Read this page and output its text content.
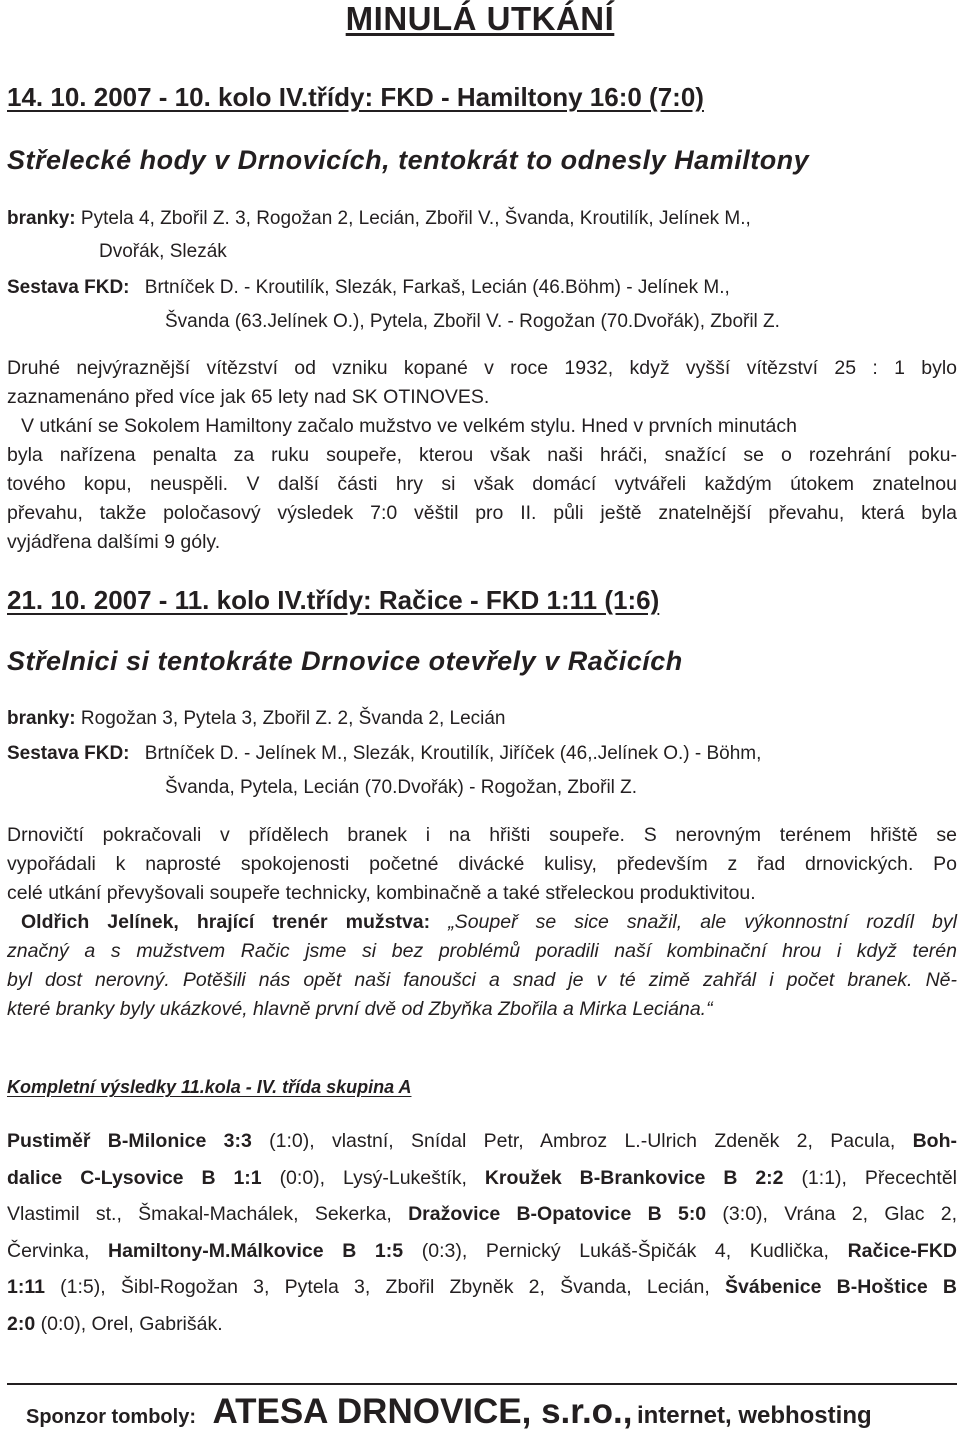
MINULÁ UTKÁNÍ
14. 10. 2007 - 10. kolo IV.třídy: FKD - Hamiltony 16:0 (7:0)
Střelecké hody v Drnovicích, tentokrát to odnesly Hamiltony
branky: Pytela 4, Zbořil Z. 3, Rogožan 2, Lecián, Zbořil V., Švanda, Kroutilík, Jelínek M.,
Dvořák, Slezák
Sestava FKD: Brtníček D. - Kroutilík, Slezák, Farkaš, Lecián (46.Böhm) - Jelínek M.,
Švanda (63.Jelínek O.), Pytela, Zbořil V. - Rogožan (70.Dvořák), Zbořil Z.

Druhé nejvýraznější vítězství od vzniku kopané v roce 1932, když vyšší vítězství 25 : 1 bylo

zaznamenáno před více jak 65 lety nad SK OTINOVES.

V utkání se Sokolem Hamiltony začalo mužstvo ve velkém stylu. Hned v prvních minutách

byla nařízena penalta za ruku soupeře, kterou však naši hráči, snažící se o rozehrání poku-

tového kopu, neuspěli. V další části hry si však domácí vytvářeli každým útokem znatelnou

převahu, takže poločasový výsledek 7:0 věštil pro II. půli ještě znatelnější převahu, která byla

vyjádřena dalšími 9 góly.

21. 10. 2007 - 11. kolo IV.třídy: Račice - FKD 1:11 (1:6)
Střelnici si tentokráte Drnovice otevřely v Račicích
branky: Rogožan 3, Pytela 3, Zbořil Z. 2, Švanda 2, Lecián
Sestava FKD: Brtníček D. - Jelínek M., Slezák, Kroutilík, Jiříček (46,.Jelínek O.) - Böhm,
Švanda, Pytela, Lecián (70.Dvořák) - Rogožan, Zbořil Z.

Drnovičtí pokračovali v přídělech branek i na hřišti soupeře. S nerovným terénem hřiště se

vypořádali k naprosté spokojenosti početné divácké kulisy, především z řad drnovických. Po

celé utkání převyšovali soupeře technicky, kombinačně a také střeleckou produktivitou.

Oldřich Jelínek, hrající trenér mužstva: „Soupeř se sice snažil, ale výkonnostní rozdíl byl

značný a s mužstvem Račic jsme si bez problémů poradili naší kombinační hrou i když terén

byl dost nerovný. Potěšili nás opět naši fanoušci a snad je v té zimě zahřál i počet branek. Ně-

které branky byly ukázkové, hlavně první dvě od Zbyňka Zbořila a Mirka Leciána.“

Kompletní výsledky 11.kola - IV. třída skupina A

Pustiměř B-Milonice 3:3 (1:0), vlastní, Snídal Petr, Ambroz L.-Ulrich Zdeněk 2, Pacula, Boh-

dalice C-Lysovice B 1:1 (0:0), Lysý-Lukeštík, Kroužek B-Brankovice B 2:2 (1:1), Přecechtěl

Vlastimil st., Šmakal-Machálek, Sekerka, Dražovice B-Opatovice B 5:0 (3:0), Vrána 2, Glac 2,

Červinka, Hamiltony-M.Málkovice B 1:5 (0:3), Pernický Lukáš-Špičák 4, Kudlička, Račice-FKD

1:11 (1:5), Šibl-Rogožan 3, Pytela 3, Zbořil Zbyněk 2, Švanda, Lecián, Švábenice B-Hoštice B

2:0 (0:0), Orel, Gabrišák.

Sponzor tomboly: ATESA DRNOVICE, s.r.o., internet, webhosting
